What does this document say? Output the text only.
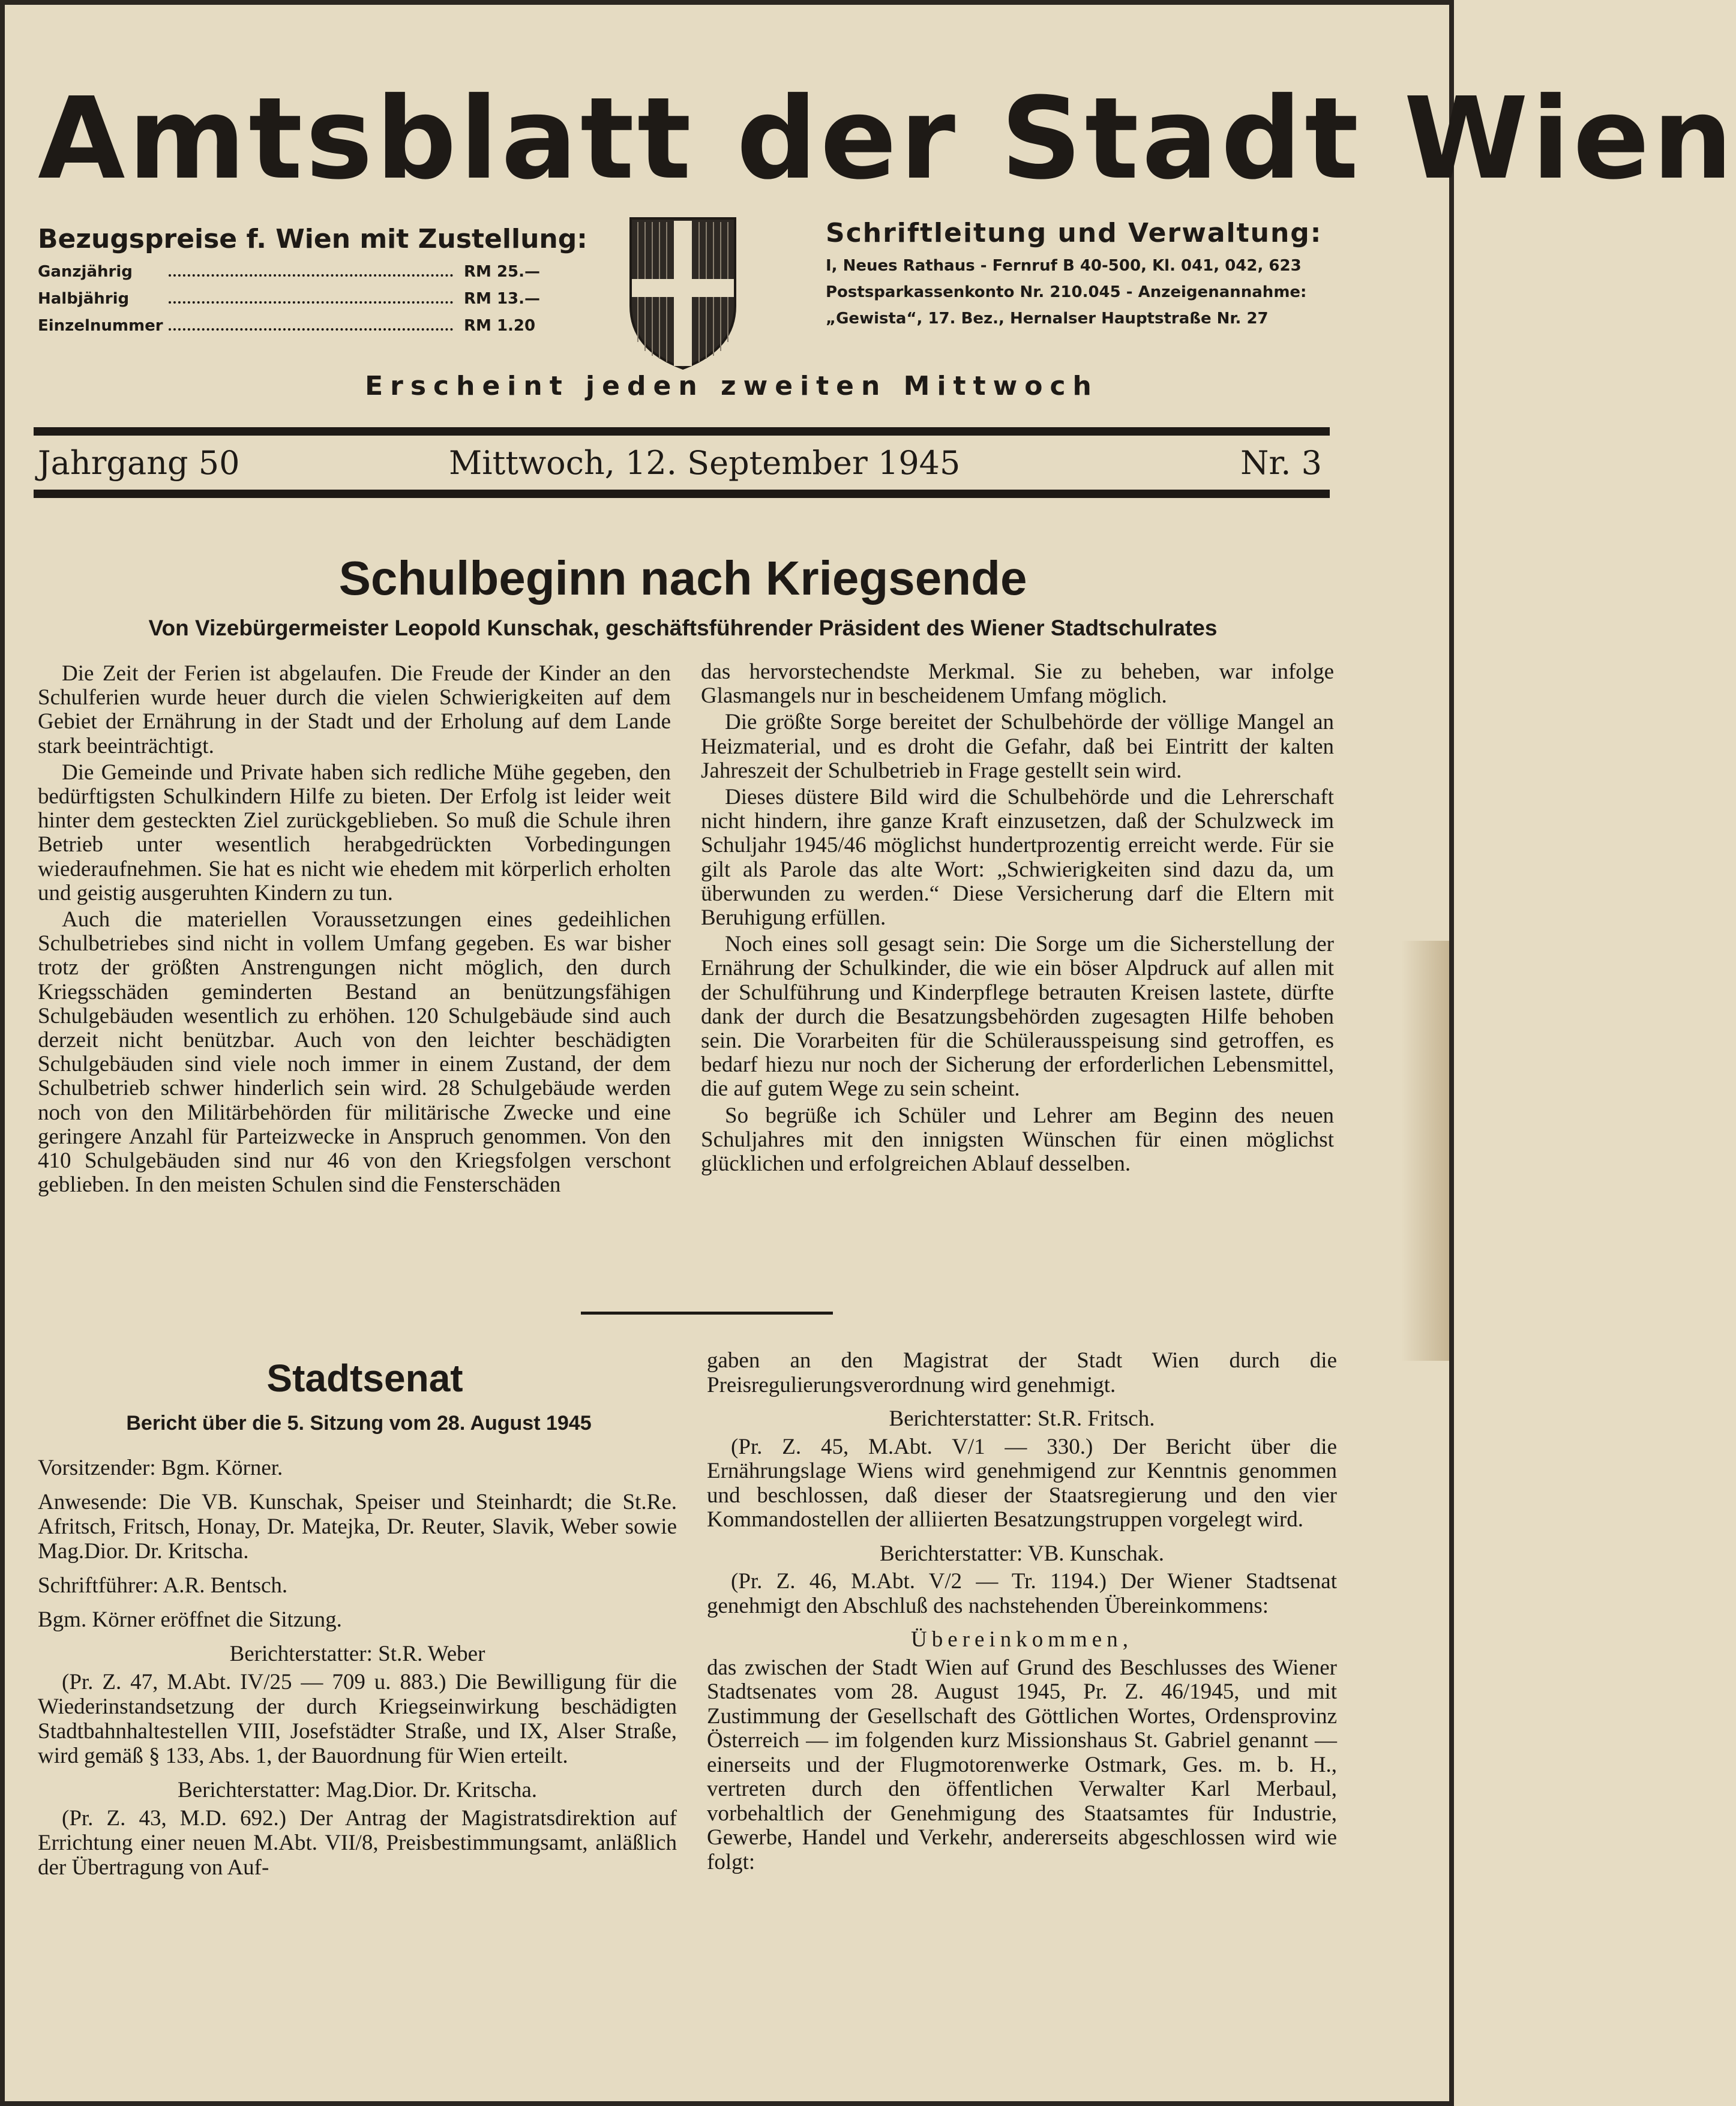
Amtsblatt der Stadt Wien
Bezugspreise f. Wien mit Zustellung:
Ganzjährig	RM 25.—
Halbjährig	RM 13.—
Einzelnummer	RM 1.20
Schriftleitung und Verwaltung:
I, Neues Rathaus - Fernruf B 40-500, Kl. 041, 042, 623
Postsparkassenkonto Nr. 210.045 - Anzeigenannahme:
„Gewista“, 17. Bez., Hernalser Hauptstraße Nr. 27
Erscheint jeden zweiten Mittwoch
Jahrgang 50	Mittwoch, 12. September 1945	Nr. 3
Schulbeginn nach Kriegsende
Von Vizebürgermeister Leopold Kunschak, geschäftsführender Präsident des Wiener Stadtschulrates

Die Zeit der Ferien ist abgelaufen. Die Freude der Kinder an den Schulferien wurde heuer durch die vielen Schwierigkeiten auf dem Gebiet der Ernährung in der Stadt und der Erholung auf dem Lande stark beeinträchtigt.

Die Gemeinde und Private haben sich redliche Mühe gegeben, den bedürftigsten Schulkindern Hilfe zu bieten. Der Erfolg ist leider weit hinter dem gesteckten Ziel zurückgeblieben. So muß die Schule ihren Betrieb unter wesentlich herabgedrückten Vorbedingungen wiederaufnehmen. Sie hat es nicht wie ehedem mit körperlich erholten und geistig ausgeruhten Kindern zu tun.

Auch die materiellen Voraussetzungen eines gedeihlichen Schulbetriebes sind nicht in vollem Umfang gegeben. Es war bisher trotz der größten Anstrengungen nicht möglich, den durch Kriegsschäden geminderten Bestand an benützungsfähigen Schulgebäuden wesentlich zu erhöhen. 120 Schulgebäude sind auch derzeit nicht benützbar. Auch von den leichter beschädigten Schulgebäuden sind viele noch immer in einem Zustand, der dem Schulbetrieb schwer hinderlich sein wird. 28 Schulgebäude werden noch von den Militärbehörden für militärische Zwecke und eine geringere Anzahl für Parteizwecke in Anspruch genommen. Von den 410 Schulgebäuden sind nur 46 von den Kriegsfolgen verschont geblieben. In den meisten Schulen sind die Fensterschäden

das hervorstechendste Merkmal. Sie zu beheben, war infolge Glasmangels nur in bescheidenem Umfang möglich.

Die größte Sorge bereitet der Schulbehörde der völlige Mangel an Heizmaterial, und es droht die Gefahr, daß bei Eintritt der kalten Jahreszeit der Schulbetrieb in Frage gestellt sein wird.

Dieses düstere Bild wird die Schulbehörde und die Lehrerschaft nicht hindern, ihre ganze Kraft einzusetzen, daß der Schulzweck im Schuljahr 1945/46 möglichst hundertprozentig erreicht werde. Für sie gilt als Parole das alte Wort: „Schwierigkeiten sind dazu da, um überwunden zu werden.“ Diese Versicherung darf die Eltern mit Beruhigung erfüllen.

Noch eines soll gesagt sein: Die Sorge um die Sicherstellung der Ernährung der Schulkinder, die wie ein böser Alpdruck auf allen mit der Schulführung und Kinderpflege betrauten Kreisen lastete, dürfte dank der durch die Besatzungsbehörden zugesagten Hilfe behoben sein. Die Vorarbeiten für die Schülerausspeisung sind getroffen, es bedarf hiezu nur noch der Sicherung der erforderlichen Lebensmittel, die auf gutem Wege zu sein scheint.

So begrüße ich Schüler und Lehrer am Beginn des neuen Schuljahres mit den innigsten Wünschen für einen möglichst glücklichen und erfolgreichen Ablauf desselben.

Stadtsenat
Bericht über die 5. Sitzung vom 28. August 1945

Vorsitzender: Bgm. Körner.

Anwesende: Die VB. Kunschak, Speiser und Steinhardt; die St.Re. Afritsch, Fritsch, Honay, Dr. Matejka, Dr. Reuter, Slavik, Weber sowie Mag.Dior. Dr. Kritscha.

Schriftführer: A.R. Bentsch.

Bgm. Körner eröffnet die Sitzung.

Berichterstatter: St.R. Weber

(Pr. Z. 47, M.Abt. IV/25 — 709 u. 883.) Die Bewilligung für die Wiederinstandsetzung der durch Kriegseinwirkung beschädigten Stadtbahnhaltestellen VIII, Josefstädter Straße, und IX, Alser Straße, wird gemäß § 133, Abs. 1, der Bauordnung für Wien erteilt.

Berichterstatter: Mag.Dior. Dr. Kritscha.

(Pr. Z. 43, M.D. 692.) Der Antrag der Magistratsdirektion auf Errichtung einer neuen M.Abt. VII/8, Preisbestimmungsamt, anläßlich der Übertragung von Auf-

gaben an den Magistrat der Stadt Wien durch die Preisregulierungsverordnung wird genehmigt.

Berichterstatter: St.R. Fritsch.

(Pr. Z. 45, M.Abt. V/1 — 330.) Der Bericht über die Ernährungslage Wiens wird genehmigend zur Kenntnis genommen und beschlossen, daß dieser der Staatsregierung und den vier Kommandostellen der alliierten Besatzungstruppen vorgelegt wird.

Berichterstatter: VB. Kunschak.

(Pr. Z. 46, M.Abt. V/2 — Tr. 1194.) Der Wiener Stadtsenat genehmigt den Abschluß des nachstehenden Übereinkommens:

Übereinkommen,

das zwischen der Stadt Wien auf Grund des Beschlusses des Wiener Stadtsenates vom 28. August 1945, Pr. Z. 46/1945, und mit Zustimmung der Gesellschaft des Göttlichen Wortes, Ordensprovinz Österreich — im folgenden kurz Missionshaus St. Gabriel genannt — einerseits und der Flugmotorenwerke Ostmark, Ges. m. b. H., vertreten durch den öffentlichen Verwalter Karl Merbaul, vorbehaltlich der Genehmigung des Staatsamtes für Industrie, Gewerbe, Handel und Verkehr, andererseits abgeschlossen wird wie folgt:
